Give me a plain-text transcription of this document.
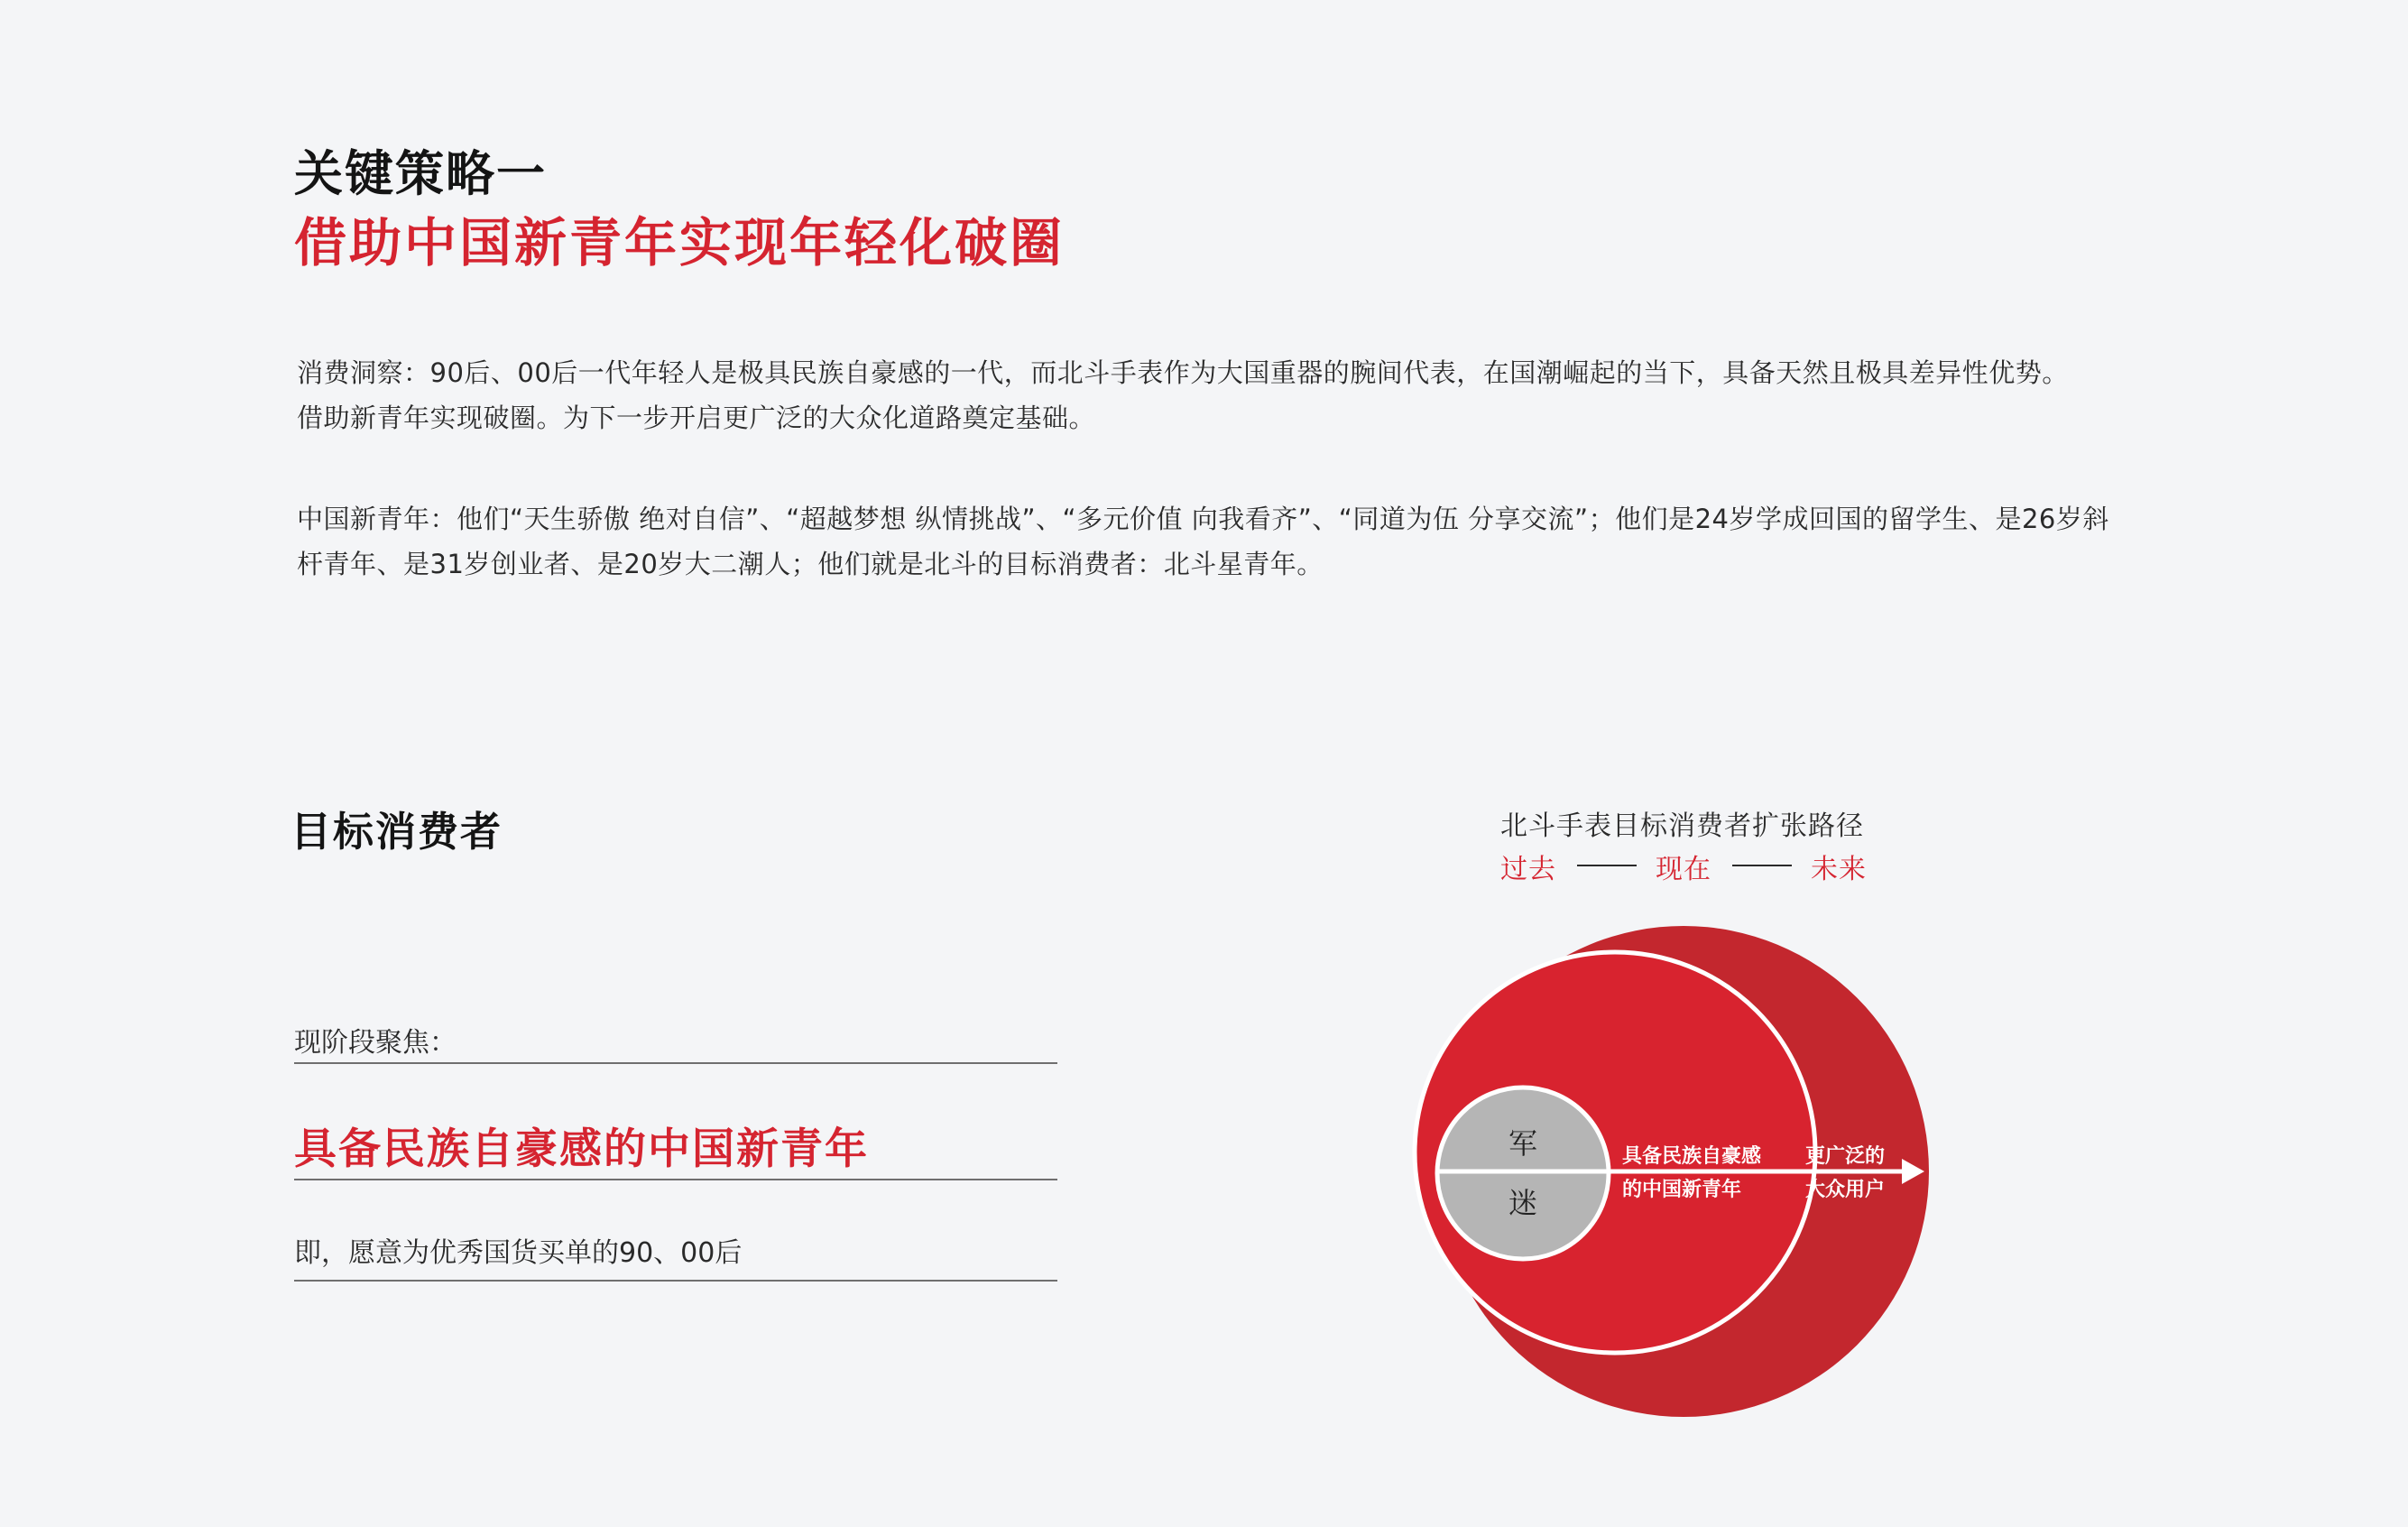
关键策略一
借助中国新青年实现年轻化破圈
消费洞察：90后、00后一代年轻人是极具民族自豪感的一代，而北斗手表作为大国重器的腕间代表，在国潮崛起的当下，具备天然且极具差异性优势。
借助新青年实现破圈。为下一步开启更广泛的大众化道路奠定基础。
中国新青年：他们“天生骄傲 绝对自信”、“超越梦想 纵情挑战”、“多元价值 向我看齐”、“同道为伍 分享交流”；他们是24岁学成回国的留学生、是26岁斜
杆青年、是31岁创业者、是20岁大二潮人；他们就是北斗的目标消费者：北斗星青年。
目标消费者
现阶段聚焦：
具备民族自豪感的中国新青年
即，愿意为优秀国货买单的90、00后
北斗手表目标消费者扩张路径
过去	现在	未来
军
迷
具备民族自豪感
的中国新青年
更广泛的
大众用户
